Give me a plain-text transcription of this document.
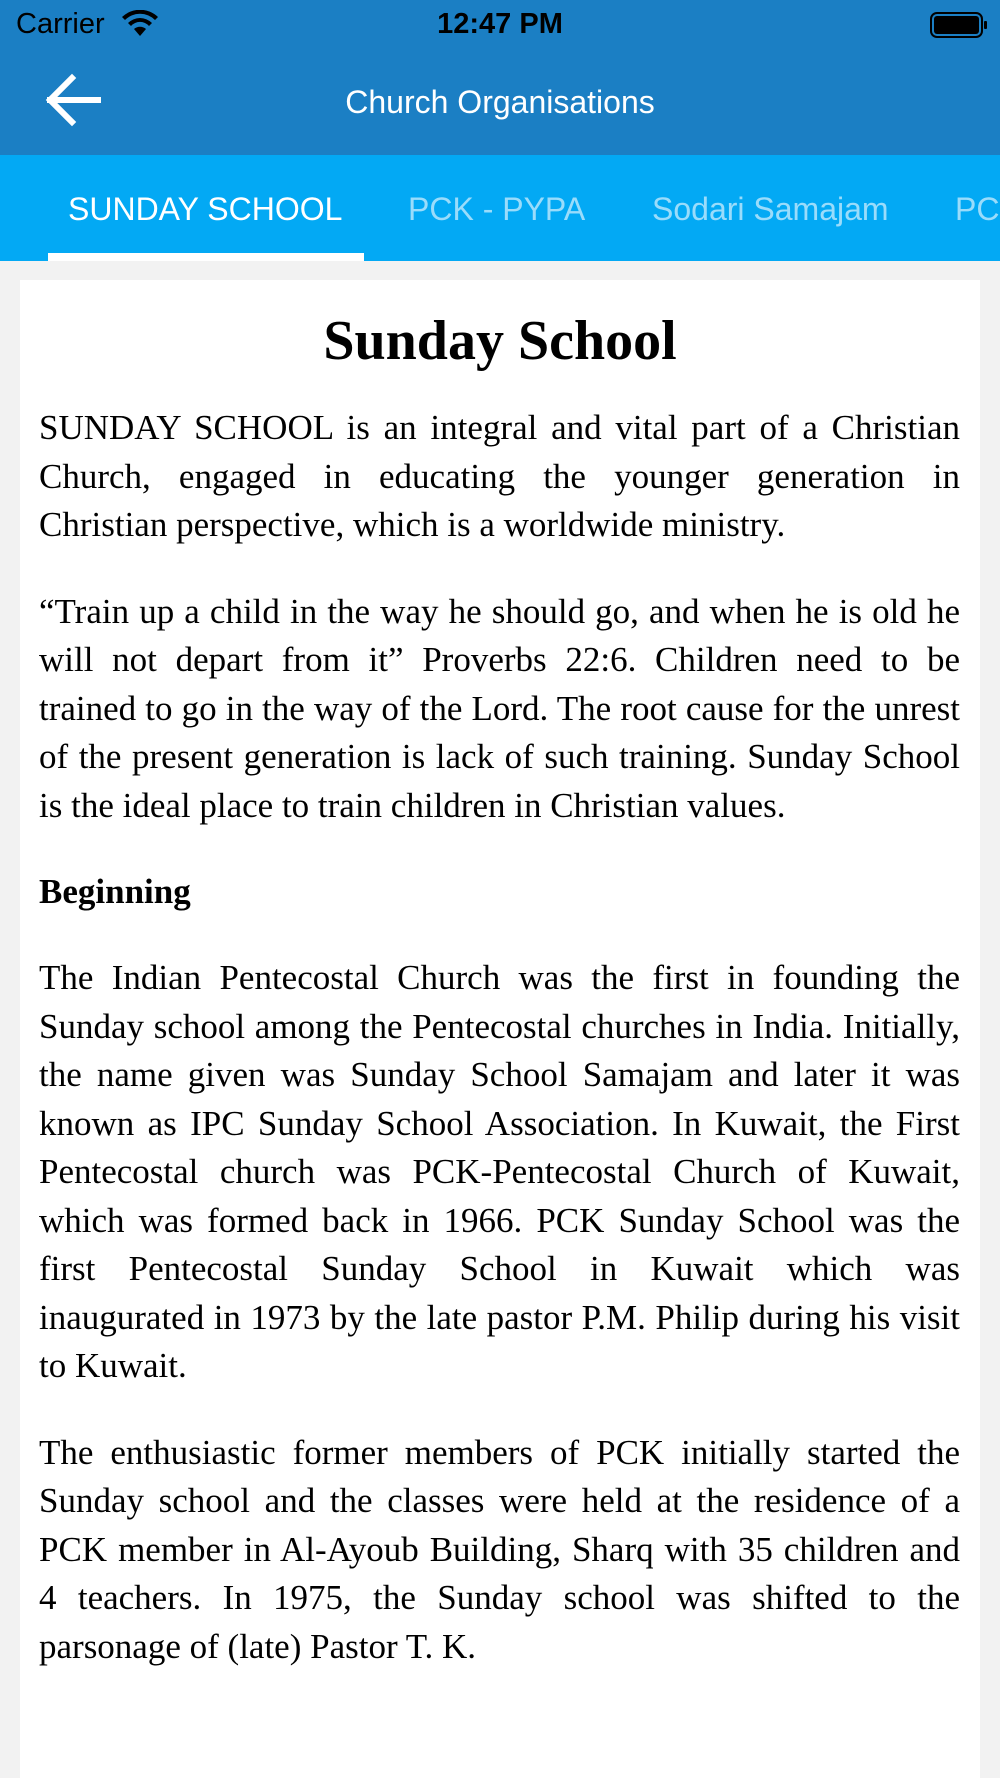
Carrier	12:47 PM
Church Organisations
SUNDAY SCHOOL PCK - PYPA Sodari Samajam PC
Sunday School

SUNDAY SCHOOL is an integral and vital part of a Christian Church, engaged in educating the younger generation in Christian perspective, which is a worldwide ministry.

“Train up a child in the way he should go, and when he is old he will not depart from it” Proverbs 22:6. Children need to be trained to go in the way of the Lord. The root cause for the unrest of the present generation is lack of such training. Sunday School is the ideal place to train children in Christian values.

Beginning

The Indian Pentecostal Church was the first in founding the Sunday school among the Pentecostal churches in India. Initially, the name given was Sunday School Samajam and later it was known as IPC Sunday School Association. In Kuwait, the First Pentecostal church was PCK-Pentecostal Church of Kuwait, which was formed back in 1966. PCK Sunday School was the first Pentecostal Sunday School in Kuwait which was inaugurated in 1973 by the late pastor P.M. Philip during his visit to Kuwait.

The enthusiastic former members of PCK initially started the Sunday school and the classes were held at the residence of a PCK member in Al-Ayoub Building, Sharq with 35 children and 4 teachers. In 1975, the Sunday school was shifted to the parsonage of (late) Pastor T. K.
